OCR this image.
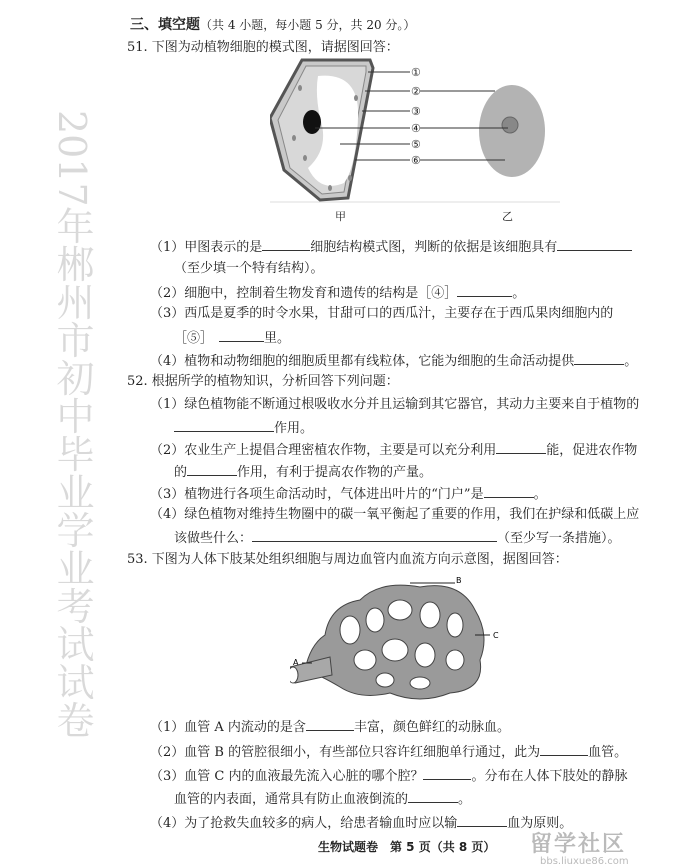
三、填空题（共 4 小题，每小题 5 分，共 20 分。）
51. 下图为动植物细胞的模式图，请据图回答：
①
②
③
④
⑤
⑥
甲	乙
（1）甲图表示的是	细胞结构模式图，判断的依据是该细胞具有
（至少填一个特有结构）。
（2）细胞中，控制着生物发育和遗传的结构是［④］	。
（3）西瓜是夏季的时令水果，甘甜可口的西瓜汁，主要存在于西瓜果肉细胞内的
［⑤］	里。
（4）植物和动物细胞的细胞质里都有线粒体，它能为细胞的生命活动提供	。
52. 根据所学的植物知识，分析回答下列问题：
（1）绿色植物能不断通过根吸收水分并且运输到其它器官，其动力主要来自于植物的
作用。
（2）农业生产上提倡合理密植农作物，主要是可以充分利用	能，促进农作物
的	作用，有利于提高农作物的产量。
（3）植物进行各项生命活动时，气体进出叶片的“门户”是	。
（4）绿色植物对维持生物圈中的碳一氧平衡起了重要的作用，我们在护绿和低碳上应
该做些什么：	（至少写一条措施）。
53. 下图为人体下肢某处组织细胞与周边血管内血流方向示意图，据图回答：
A
B
C
（1）血管 A 内流动的是含	丰富，颜色鲜红的动脉血。
（2）血管 B 的管腔很细小，有些部位只容许红细胞单行通过，此为	血管。
（3）血管 C 内的血液最先流入心脏的哪个腔？	。分布在人体下肢处的静脉
血管的内表面，通常具有防止血液倒流的	。
（4）为了抢救失血较多的病人，给患者输血时应以输	血为原则。
生物试题卷　第 5 页（共 8 页）
2017年郴州市初中毕业学业考试试卷
留学社区
bbs.liuxue86.com
